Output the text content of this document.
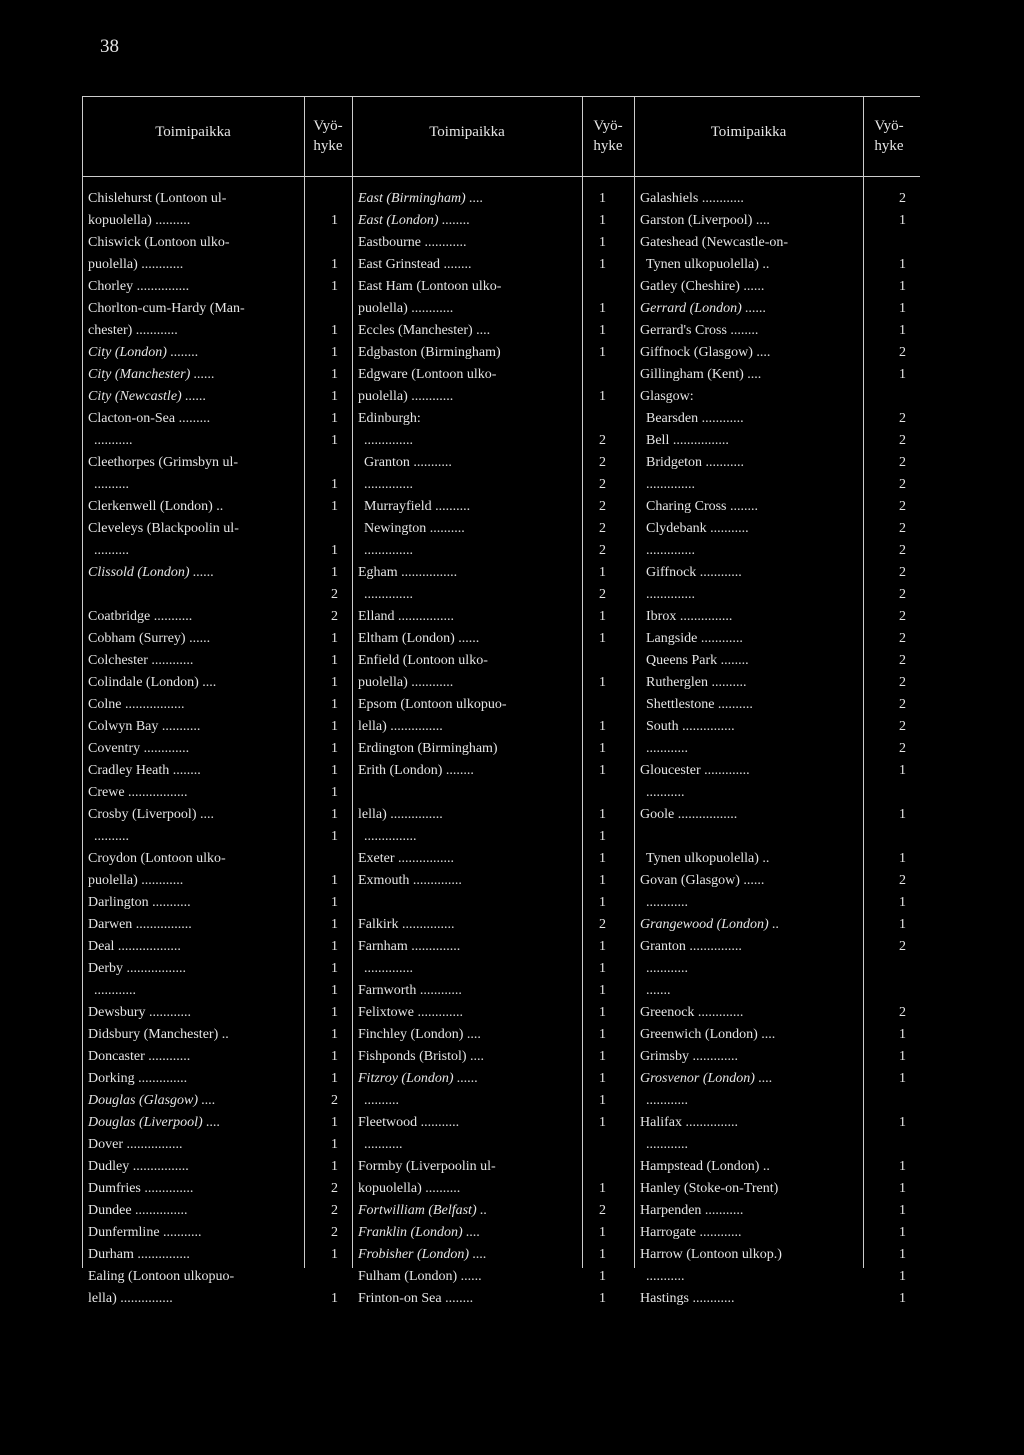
38
Toimipaikka	Vyö-
hyke
Toimipaikka	Vyö-
hyke
Toimipaikka	Vyö-
hyke
Chislehurst (Lontoon ul-
kopuolella) ..........	1
Chiswick (Lontoon ulko-
puolella) ............	1
Chorley ...............	1
Chorlton-cum-Hardy (Man-
chester) ............	1
City (London) ........	1
City (Manchester) ......	1
City (Newcastle) ......	1
Clacton-on-Sea .........	1
...........	1
Cleethorpes (Grimsbyn ul-
..........	1
Clerkenwell (London) ..	1
Cleveleys (Blackpoolin ul-
..........	1
Clissold (London) ......	1
2
Coatbridge ...........	2
Cobham (Surrey) ......	1
Colchester ............	1
Colindale (London) ....	1
Colne .................	1
Colwyn Bay ...........	1
Coventry .............	1
Cradley Heath ........	1
Crewe .................	1
Crosby (Liverpool) ....	1
..........	1
Croydon (Lontoon ulko-
puolella) ............	1
Darlington ...........	1
Darwen ................	1
Deal ..................	1
Derby .................	1
............	1
Dewsbury ............	1
Didsbury (Manchester) ..	1
Doncaster ............	1
Dorking ..............	1
Douglas (Glasgow) ....	2
Douglas (Liverpool) ....	1
Dover ................	1
Dudley ................	1
Dumfries ..............	2
Dundee ...............	2
Dunfermline ...........	2
Durham ...............	1
Ealing (Lontoon ulkopuo-
lella) ...............	1
East (Birmingham) ....	1
East (London) ........	1
Eastbourne ............	1
East Grinstead ........	1
East Ham (Lontoon ulko-
puolella) ............	1
Eccles (Manchester) ....	1
Edgbaston (Birmingham)	1
Edgware (Lontoon ulko-
puolella) ............	1
Edinburgh:
..............	2
Granton ...........	2
..............	2
Murrayfield ..........	2
Newington ..........	2
..............	2
Egham ................	1
..............	2
Elland ................	1
Eltham (London) ......	1
Enfield (Lontoon ulko-
puolella) ............	1
Epsom (Lontoon ulkopuo-
lella) ...............	1
Erdington (Birmingham)	1
Erith (London) ........	1
lella) ...............	1
...............	1
Exeter ................	1
Exmouth ..............	1
1
Falkirk ...............	2
Farnham ..............	1
..............	1
Farnworth ............	1
Felixtowe .............	1
Finchley (London) ....	1
Fishponds (Bristol) ....	1
Fitzroy (London) ......	1
..........	1
Fleetwood ...........	1
...........
Formby (Liverpoolin ul-
kopuolella) ..........	1
Fortwilliam (Belfast) ..	2
Franklin (London) ....	1
Frobisher (London) ....	1
Fulham (London) ......	1
Frinton-on Sea ........	1
Galashiels ............	2
Garston (Liverpool) ....	1
Gateshead (Newcastle-on-
Tynen ulkopuolella) ..	1
Gatley (Cheshire) ......	1
Gerrard (London) ......	1
Gerrard's Cross ........	1
Giffnock (Glasgow) ....	2
Gillingham (Kent) ....	1
Glasgow:
Bearsden ............	2
Bell ................	2
Bridgeton ...........	2
..............	2
Charing Cross ........	2
Clydebank ...........	2
..............	2
Giffnock ............	2
..............	2
Ibrox ...............	2
Langside ............	2
Queens Park ........	2
Rutherglen ..........	2
Shettlestone ..........	2
South ...............	2
............	2
Gloucester .............	1
...........
Goole .................	1
Tynen ulkopuolella) ..	1
Govan (Glasgow) ......	2
............	1
Grangewood (London) ..	1
Granton ...............	2
............
.......
Greenock .............	2
Greenwich (London) ....	1
Grimsby .............	1
Grosvenor (London) ....	1
............
Halifax ...............	1
............
Hampstead (London) ..	1
Hanley (Stoke-on-Trent)	1
Harpenden ...........	1
Harrogate ............	1
Harrow (Lontoon ulkop.)	1
...........	1
Hastings ............	1
